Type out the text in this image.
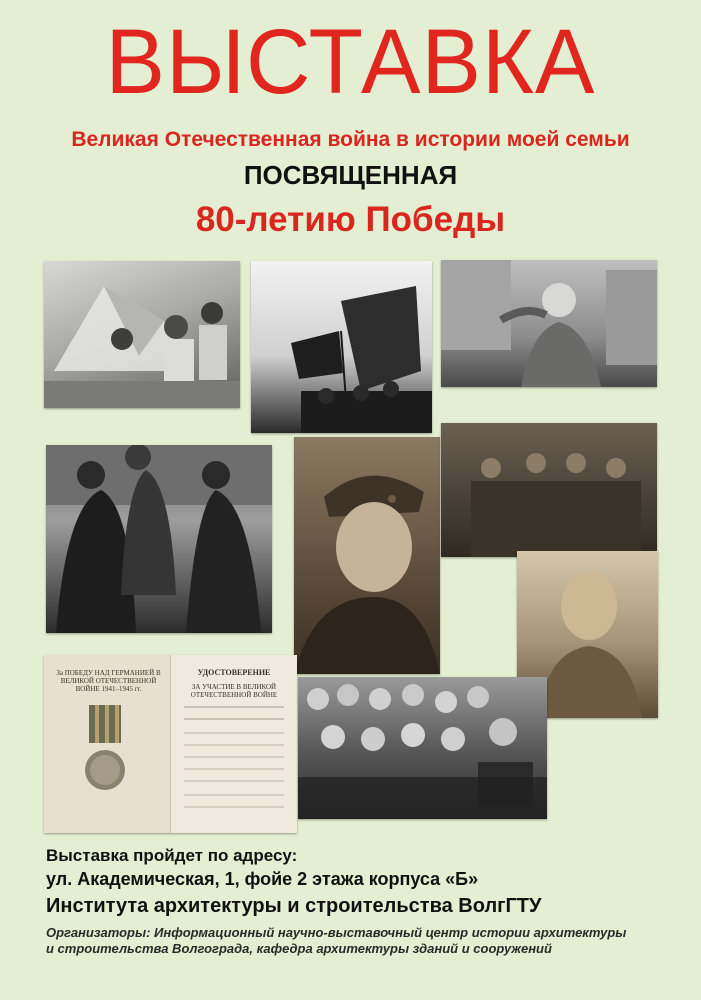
ВЫСТАВКА
Великая Отечественная война в истории моей семьи
ПОСВЯЩЕННАЯ
80-летию Победы
За ПОБЕДУ НАД ГЕРМАНИЕЙ В ВЕЛИКОЙ ОТЕЧЕСТВЕННОЙ ВОЙНЕ 1941–1945 гг.
УДОСТОВЕРЕНИЕ
ЗА УЧАСТИЕ В ВЕЛИКОЙ ОТЕЧЕСТВЕННОЙ ВОЙНЕ
Выставка пройдет по адресу:
ул. Академическая, 1, фойе 2 этажа корпуса «Б»
Института архитектуры и строительства ВолгГТУ
Организаторы: Информационный научно-выставочный центр истории архитектуры
и строительства Волгограда, кафедра архитектуры зданий и сооружений
